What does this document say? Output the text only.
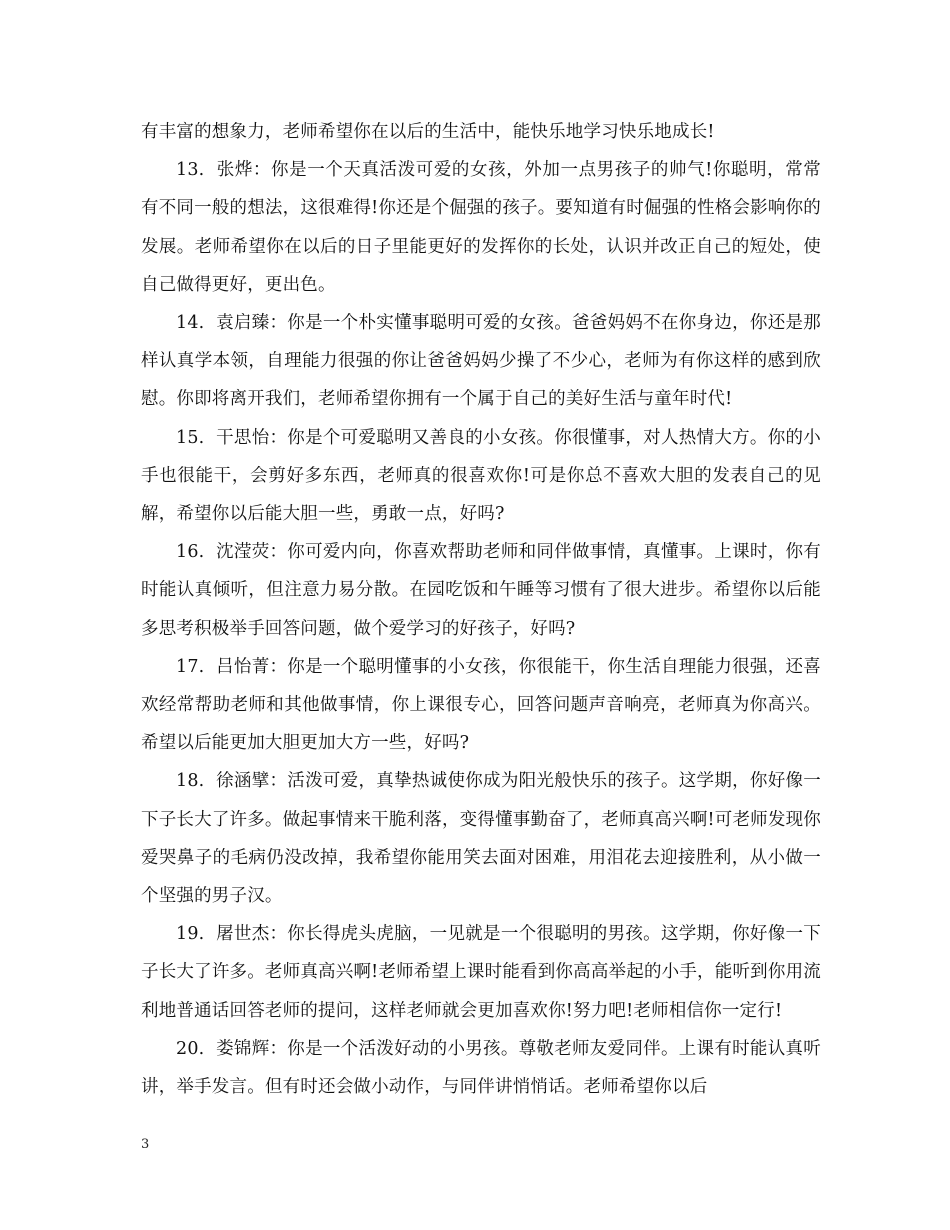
有丰富的想象力，老师希望你在以后的生活中，能快乐地学习快乐地成长!

13.  张烨：你是一个天真活泼可爱的女孩，外加一点男孩子的帅气!你聪明，常常有不同一般的想法，这很难得!你还是个倔强的孩子。要知道有时倔强的性格会影响你的发展。老师希望你在以后的日子里能更好的发挥你的长处，认识并改正自己的短处，使自己做得更好，更出色。

14.  袁启臻：你是一个朴实懂事聪明可爱的女孩。爸爸妈妈不在你身边，你还是那样认真学本领，自理能力很强的你让爸爸妈妈少操了不少心，老师为有你这样的感到欣慰。你即将离开我们，老师希望你拥有一个属于自己的美好生活与童年时代!

15.  干思怡：你是个可爱聪明又善良的小女孩。你很懂事，对人热情大方。你的小手也很能干，会剪好多东西，老师真的很喜欢你!可是你总不喜欢大胆的发表自己的见解，希望你以后能大胆一些，勇敢一点，好吗?

16.  沈滢荧：你可爱内向，你喜欢帮助老师和同伴做事情，真懂事。上课时，你有时能认真倾听，但注意力易分散。在园吃饭和午睡等习惯有了很大进步。希望你以后能多思考积极举手回答问题，做个爱学习的好孩子，好吗?

17.  吕怡菁：你是一个聪明懂事的小女孩，你很能干，你生活自理能力很强，还喜欢经常帮助老师和其他做事情，你上课很专心，回答问题声音响亮，老师真为你高兴。希望以后能更加大胆更加大方一些，好吗?

18.  徐涵擘：活泼可爱，真挚热诚使你成为阳光般快乐的孩子。这学期，你好像一下子长大了许多。做起事情来干脆利落，变得懂事勤奋了，老师真高兴啊!可老师发现你爱哭鼻子的毛病仍没改掉，我希望你能用笑去面对困难，用泪花去迎接胜利，从小做一个坚强的男子汉。

19.  屠世杰：你长得虎头虎脑，一见就是一个很聪明的男孩。这学期，你好像一下子长大了许多。老师真高兴啊!老师希望上课时能看到你高高举起的小手，能听到你用流利地普通话回答老师的提问，这样老师就会更加喜欢你!努力吧!老师相信你一定行!

20.  娄锦辉：你是一个活泼好动的小男孩。尊敬老师友爱同伴。上课有时能认真听讲，举手发言。但有时还会做小动作，与同伴讲悄悄话。老师希望你以后

3
